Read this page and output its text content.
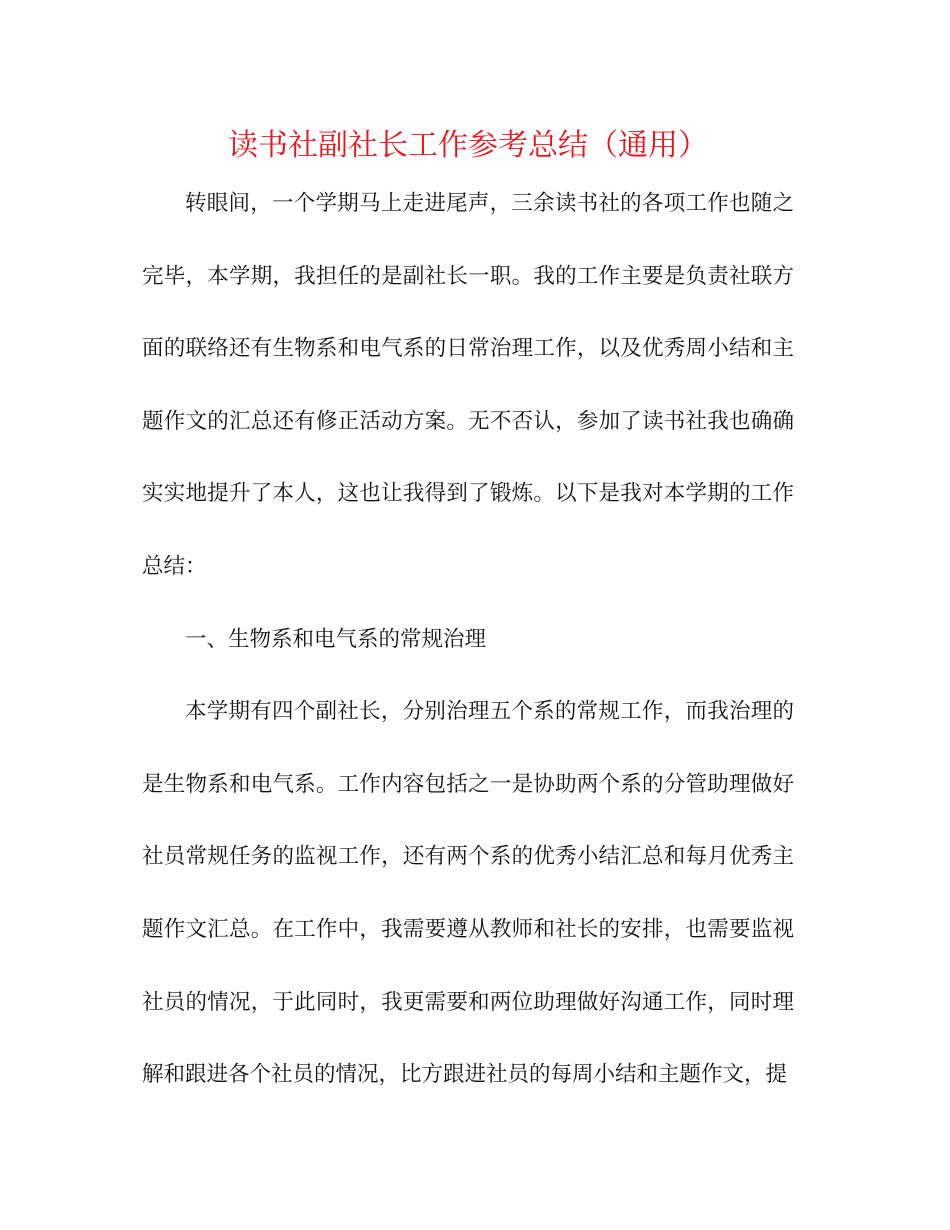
读书社副社长工作参考总结（通用）

转眼间，一个学期马上走进尾声，三余读书社的各项工作也随之完毕，本学期，我担任的是副社长一职。我的工作主要是负责社联方面的联络还有生物系和电气系的日常治理工作，以及优秀周小结和主题作文的汇总还有修正活动方案。无不否认，参加了读书社我也确确实实地提升了本人，这也让我得到了锻炼。以下是我对本学期的工作总结：

一、生物系和电气系的常规治理

本学期有四个副社长，分别治理五个系的常规工作，而我治理的是生物系和电气系。工作内容包括之一是协助两个系的分管助理做好社员常规任务的监视工作，还有两个系的优秀小结汇总和每月优秀主题作文汇总。在工作中，我需要遵从教师和社长的安排，也需要监视社员的情况，于此同时，我更需要和两位助理做好沟通工作，同时理解和跟进各个社员的情况，比方跟进社员的每周小结和主题作文，提
